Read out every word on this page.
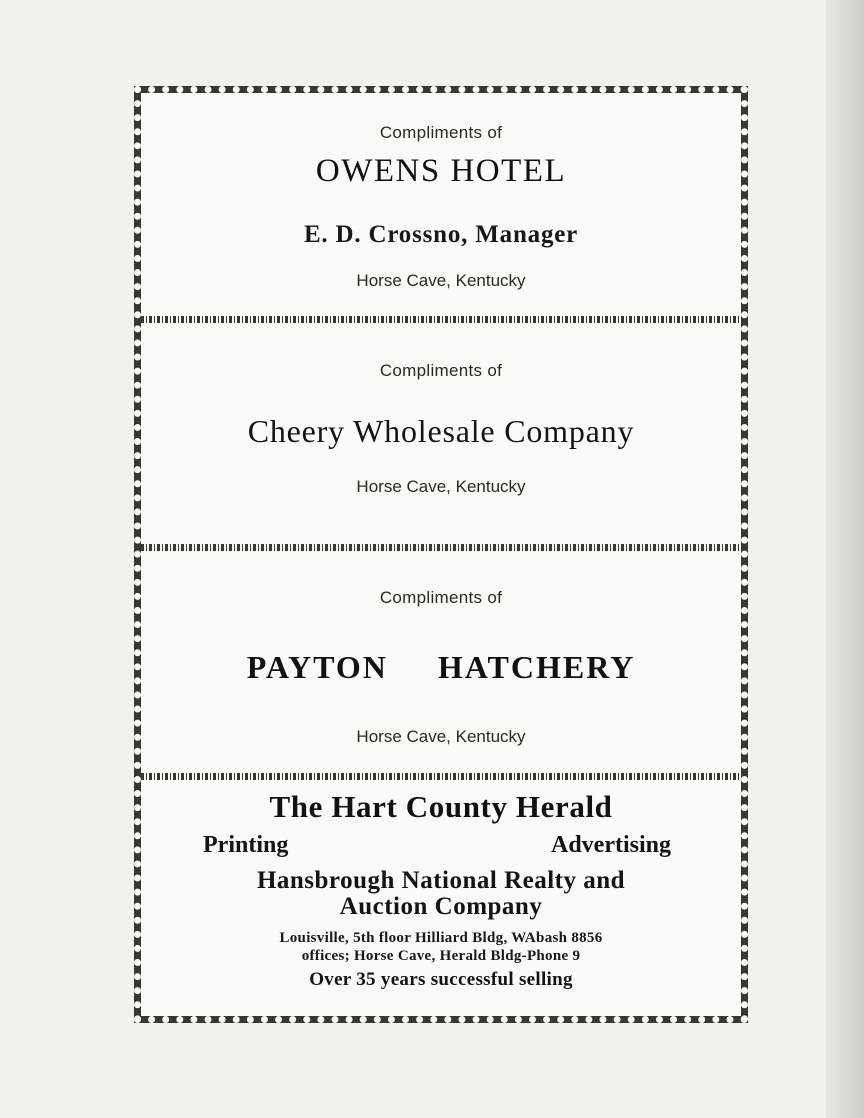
Compliments of
OWENS HOTEL
E. D. Crossno, Manager
Horse Cave, Kentucky
Compliments of
Cheery Wholesale Company
Horse Cave, Kentucky
Compliments of
PAYTON HATCHERY
Horse Cave, Kentucky
The Hart County Herald
Printing	Advertising
Hansbrough National Realty and
Auction Company
Louisville, 5th floor Hilliard Bldg, WAbash 8856
offices; Horse Cave, Herald Bldg-Phone 9
Over 35 years successful selling
